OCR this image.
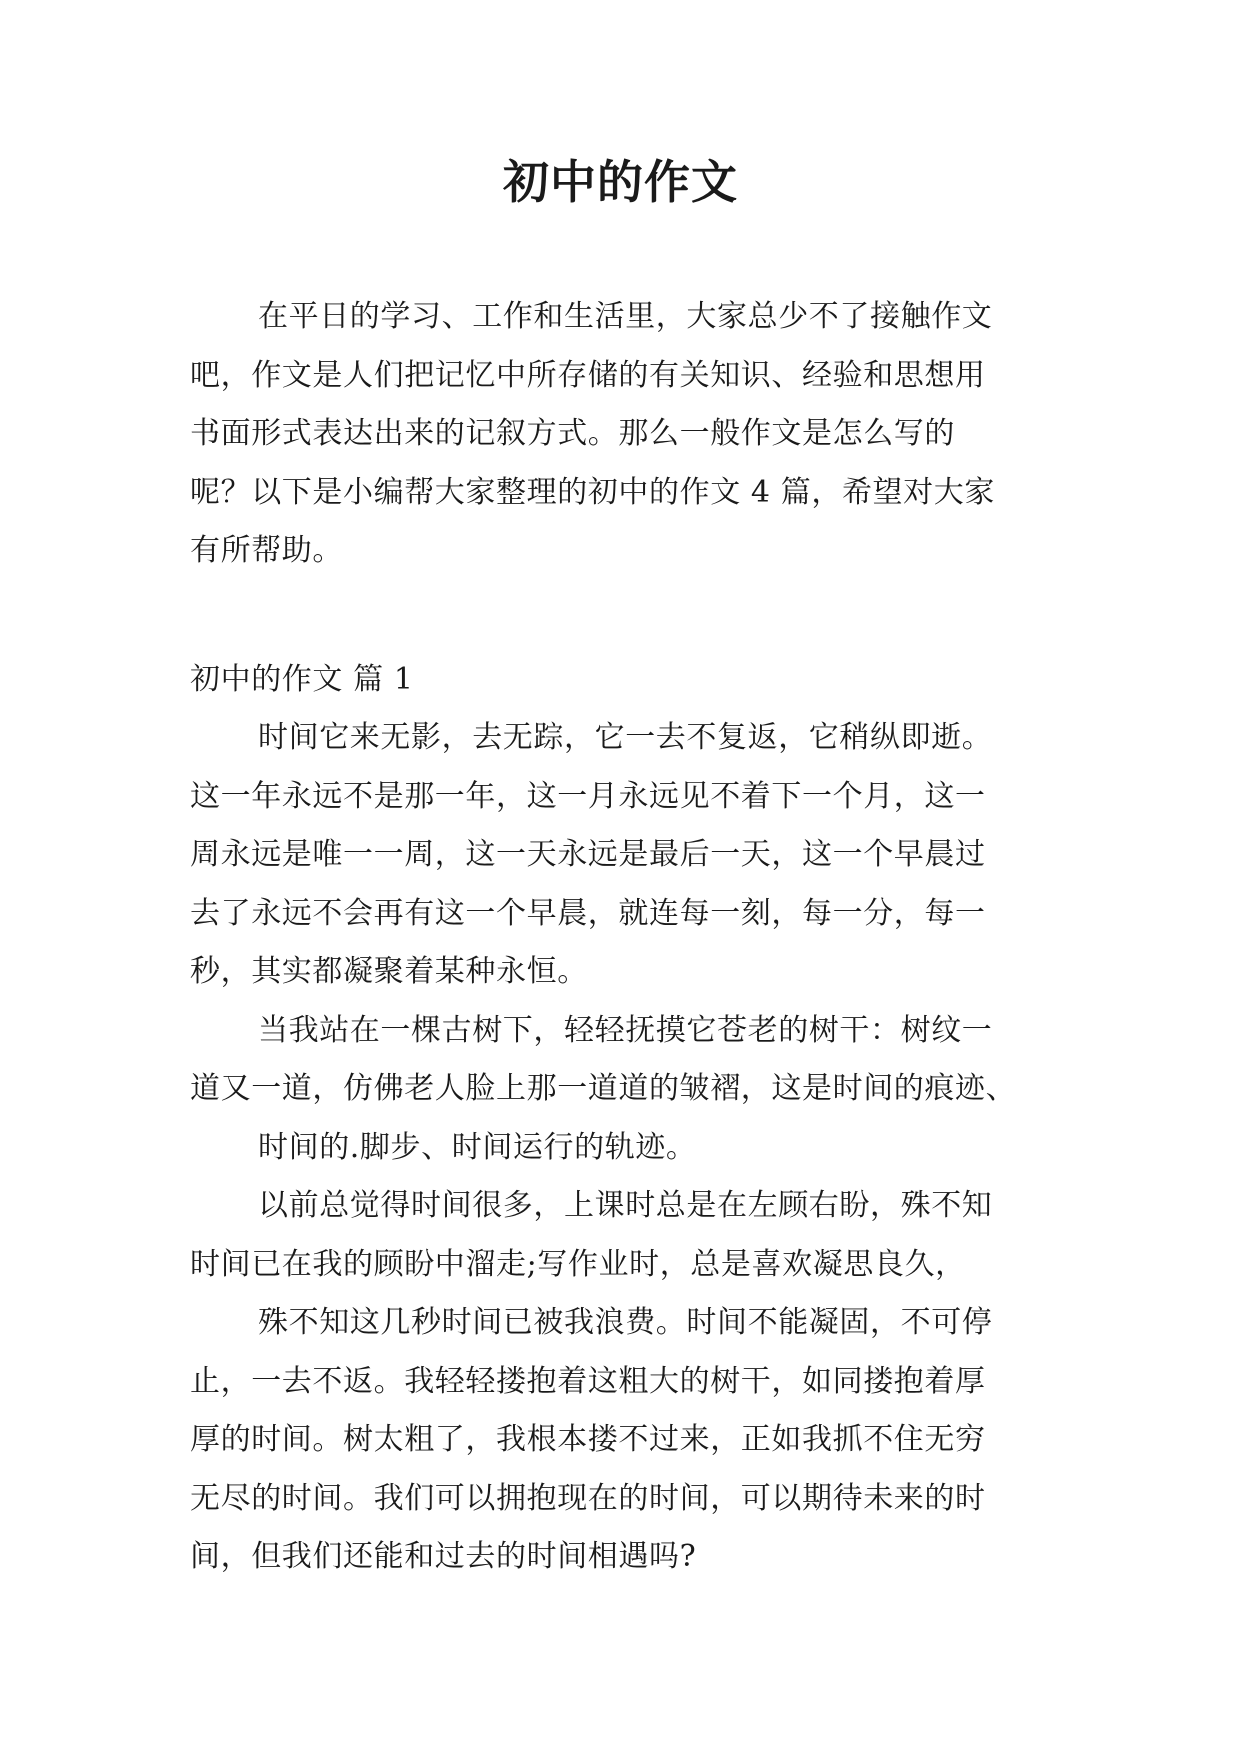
初中的作文

在平日的学习、工作和生活里，大家总少不了接触作文

吧，作文是人们把记忆中所存储的有关知识、经验和思想用

书面形式表达出来的记叙方式。那么一般作文是怎么写的

呢？以下是小编帮大家整理的初中的作文 4 篇，希望对大家

有所帮助。

初中的作文 篇 1

时间它来无影，去无踪，它一去不复返，它稍纵即逝。

这一年永远不是那一年，这一月永远见不着下一个月，这一

周永远是唯一一周，这一天永远是最后一天，这一个早晨过

去了永远不会再有这一个早晨，就连每一刻，每一分，每一

秒，其实都凝聚着某种永恒。

当我站在一棵古树下，轻轻抚摸它苍老的树干：树纹一

道又一道，仿佛老人脸上那一道道的皱褶，这是时间的痕迹、

时间的.脚步、时间运行的轨迹。

以前总觉得时间很多，上课时总是在左顾右盼，殊不知

时间已在我的顾盼中溜走;写作业时，总是喜欢凝思良久，

殊不知这几秒时间已被我浪费。时间不能凝固，不可停

止，一去不返。我轻轻搂抱着这粗大的树干，如同搂抱着厚

厚的时间。树太粗了，我根本搂不过来，正如我抓不住无穷

无尽的时间。我们可以拥抱现在的时间，可以期待未来的时

间，但我们还能和过去的时间相遇吗?
